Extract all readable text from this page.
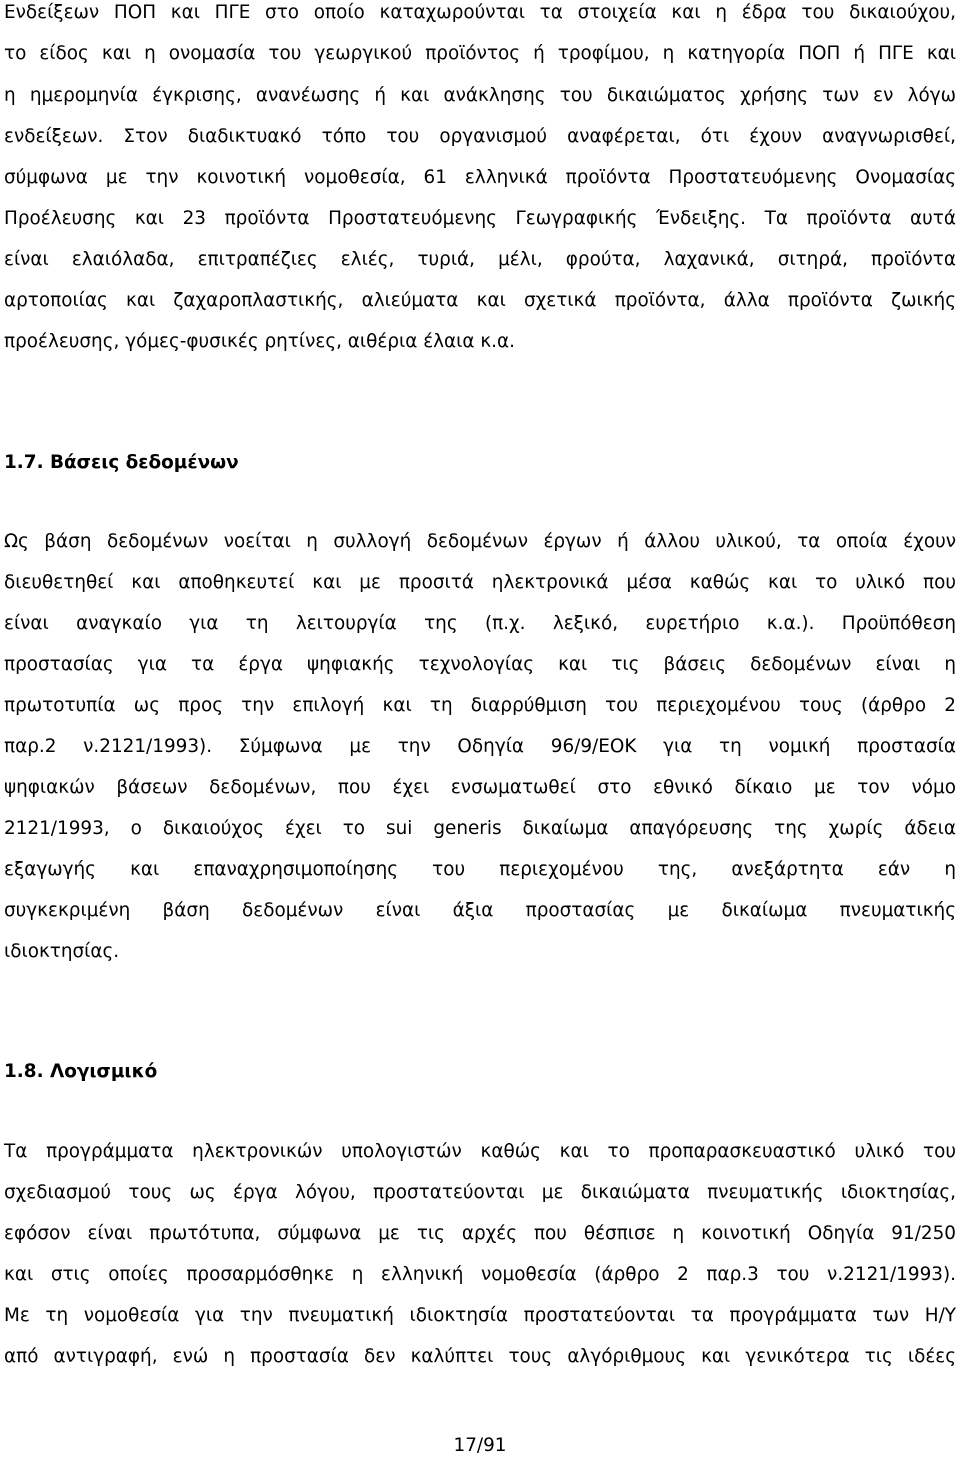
Ενδείξεων ΠΟΠ και ΠΓΕ στο οποίο καταχωρούνται τα στοιχεία και η έδρα του δικαιούχου,
το είδος και η ονομασία του γεωργικού προϊόντος ή τροφίμου, η κατηγορία ΠΟΠ ή ΠΓΕ και
η ημερομηνία έγκρισης, ανανέωσης ή και ανάκλησης του δικαιώματος χρήσης των εν λόγω
ενδείξεων. Στον διαδικτυακό τόπο του οργανισμού αναφέρεται, ότι έχουν αναγνωρισθεί,
σύμφωνα με την κοινοτική νομοθεσία, 61 ελληνικά προϊόντα Προστατευόμενης Ονομασίας
Προέλευσης και 23 προϊόντα Προστατευόμενης Γεωγραφικής Ένδειξης. Τα προϊόντα αυτά
είναι ελαιόλαδα, επιτραπέζιες ελιές, τυριά, μέλι, φρούτα, λαχανικά, σιτηρά, προϊόντα
αρτοποιίας και ζαχαροπλαστικής, αλιεύματα και σχετικά προϊόντα, άλλα προϊόντα ζωικής
προέλευσης, γόμες-φυσικές ρητίνες, αιθέρια έλαια κ.α.
1.7. Βάσεις δεδομένων
Ως βάση δεδομένων νοείται η συλλογή δεδομένων έργων ή άλλου υλικού, τα οποία έχουν
διευθετηθεί και αποθηκευτεί και με προσιτά ηλεκτρονικά μέσα καθώς και το υλικό που
είναι αναγκαίο για τη λειτουργία της (π.χ. λεξικό, ευρετήριο κ.α.). Προϋπόθεση
προστασίας για τα έργα ψηφιακής τεχνολογίας και τις βάσεις δεδομένων είναι η
πρωτοτυπία ως προς την επιλογή και τη διαρρύθμιση του περιεχομένου τους (άρθρο 2
παρ.2 ν.2121/1993). Σύμφωνα με την Οδηγία 96/9/ΕΟΚ για τη νομική προστασία
ψηφιακών βάσεων δεδομένων, που έχει ενσωματωθεί στο εθνικό δίκαιο με τον νόμο
2121/1993, ο δικαιούχος έχει το sui generis δικαίωμα απαγόρευσης της χωρίς άδεια
εξαγωγής και επαναχρησιμοποίησης του περιεχομένου της, ανεξάρτητα εάν η
συγκεκριμένη βάση δεδομένων είναι άξια προστασίας με δικαίωμα πνευματικής
ιδιοκτησίας.
1.8. Λογισμικό
Τα προγράμματα ηλεκτρονικών υπολογιστών καθώς και το προπαρασκευαστικό υλικό του
σχεδιασμού τους ως έργα λόγου, προστατεύονται με δικαιώματα πνευματικής ιδιοκτησίας,
εφόσον είναι πρωτότυπα, σύμφωνα με τις αρχές που θέσπισε η κοινοτική Οδηγία 91/250
και στις οποίες προσαρμόσθηκε η ελληνική νομοθεσία (άρθρο 2 παρ.3 του ν.2121/1993).
Με τη νομοθεσία για την πνευματική ιδιοκτησία προστατεύονται τα προγράμματα των Η/Υ
από αντιγραφή, ενώ η προστασία δεν καλύπτει τους αλγόριθμους και γενικότερα τις ιδέες
17/91
